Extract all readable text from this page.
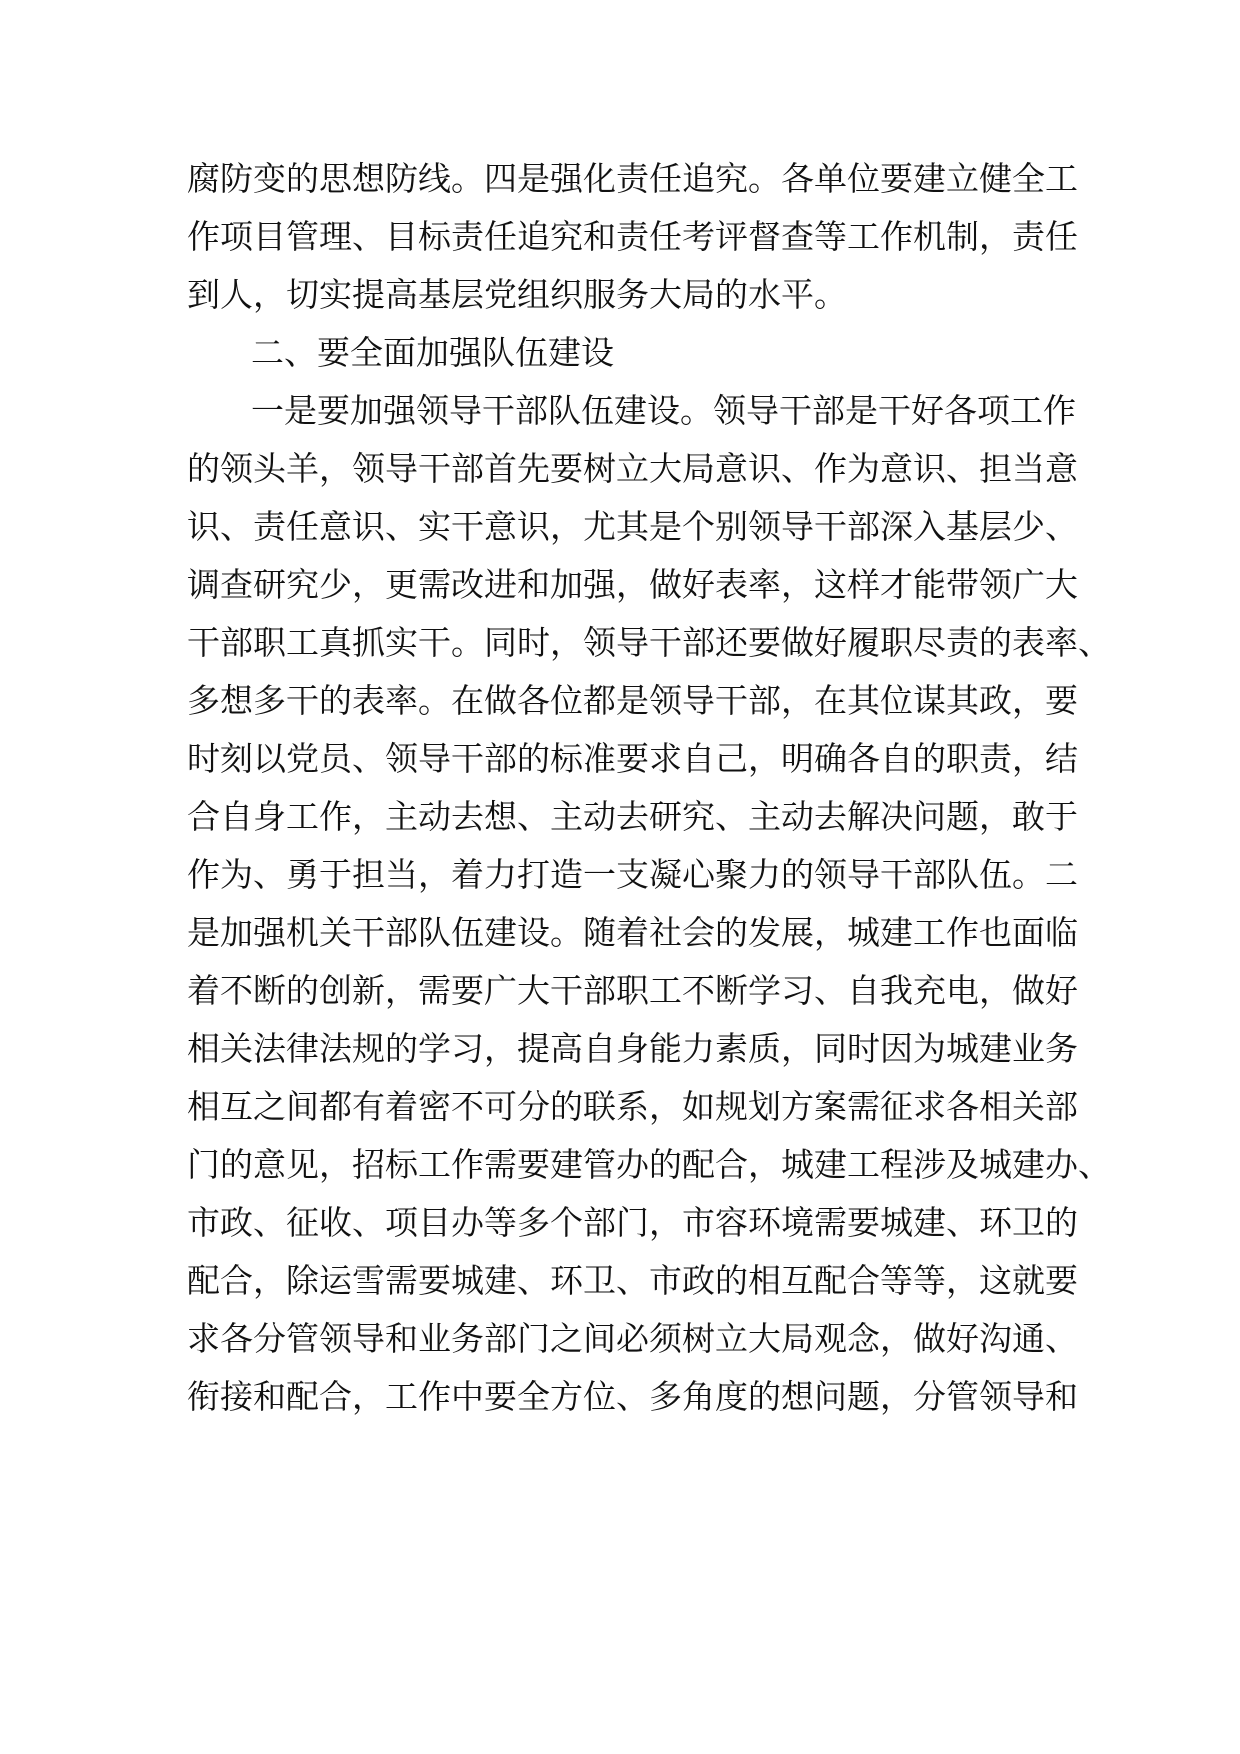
腐防变的思想防线。四是强化责任追究。各单位要建立健全工
作项目管理、目标责任追究和责任考评督查等工作机制，责任
到人，切实提高基层党组织服务大局的水平。
二、要全面加强队伍建设
一是要加强领导干部队伍建设。领导干部是干好各项工作
的领头羊，领导干部首先要树立大局意识、作为意识、担当意
识、责任意识、实干意识，尤其是个别领导干部深入基层少、
调查研究少，更需改进和加强，做好表率，这样才能带领广大
干部职工真抓实干。同时，领导干部还要做好履职尽责的表率、
多想多干的表率。在做各位都是领导干部，在其位谋其政，要
时刻以党员、领导干部的标准要求自己，明确各自的职责，结
合自身工作，主动去想、主动去研究、主动去解决问题，敢于
作为、勇于担当，着力打造一支凝心聚力的领导干部队伍。二
是加强机关干部队伍建设。随着社会的发展，城建工作也面临
着不断的创新，需要广大干部职工不断学习、自我充电，做好
相关法律法规的学习，提高自身能力素质，同时因为城建业务
相互之间都有着密不可分的联系，如规划方案需征求各相关部
门的意见，招标工作需要建管办的配合，城建工程涉及城建办、
市政、征收、项目办等多个部门，市容环境需要城建、环卫的
配合，除运雪需要城建、环卫、市政的相互配合等等，这就要
求各分管领导和业务部门之间必须树立大局观念，做好沟通、
衔接和配合，工作中要全方位、多角度的想问题，分管领导和
